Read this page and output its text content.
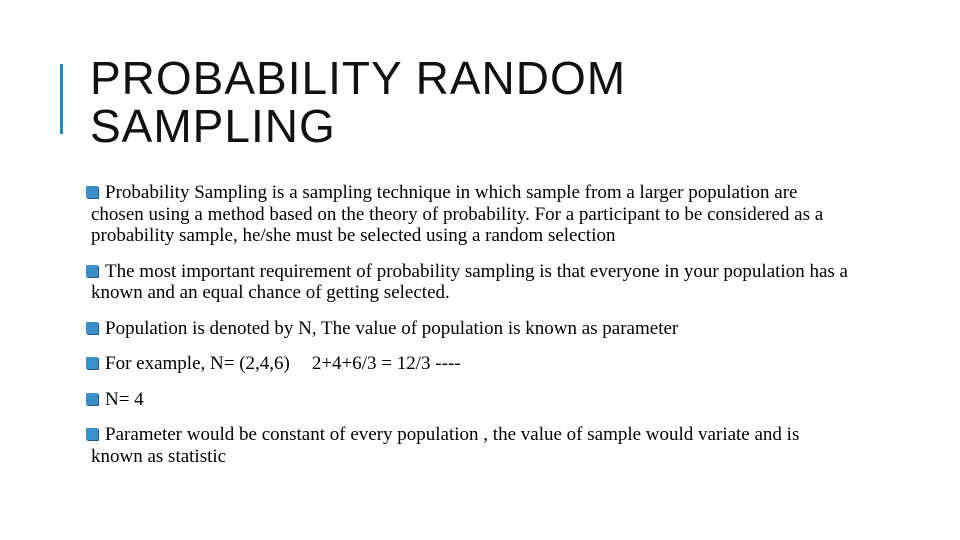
PROBABILITY RANDOM
SAMPLING
Probability Sampling is a sampling technique in which sample from a larger population are chosen using a method based on the theory of probability. For a participant to be considered as a probability sample, he/she must be selected using a random selection
The most important requirement of probability sampling is that everyone in your population has a known and an equal chance of getting selected.
Population is denoted by N, The value of population is known as parameter
For example, N= (2,4,6) 2+4+6/3 = 12/3 ----
N= 4
Parameter would be constant of every population , the value of sample would variate and is known as statistic
